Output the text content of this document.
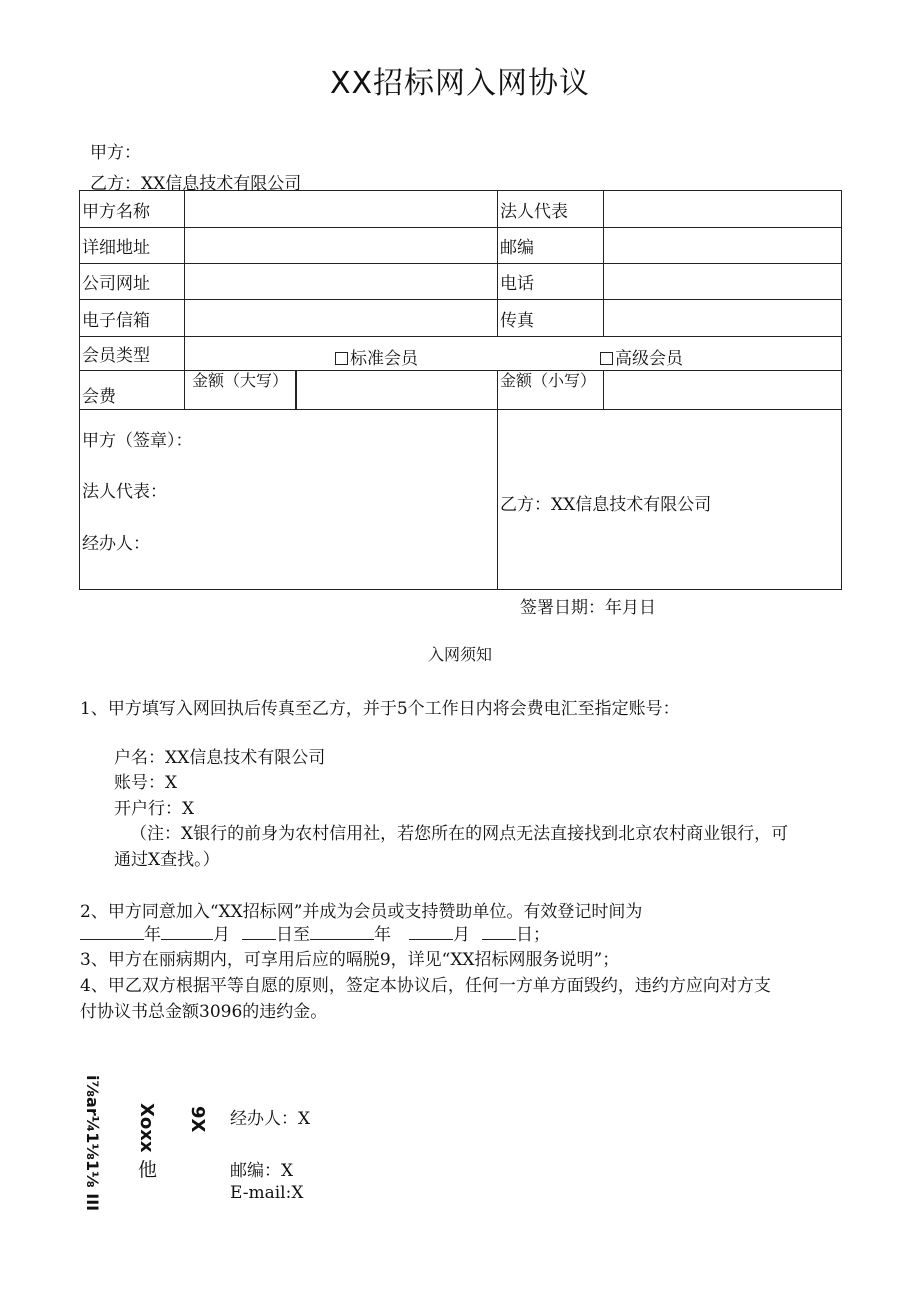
XX招标网入网协议
甲方：
乙方：XX信息技术有限公司
甲方名称			法人代表	
详细地址			邮编	
公司网址			电话	
电子信箱			传真	
会员类型	标准会员 高级会员			

会费	金额（大写）		金额（小写）	

甲方（签章）：
法人代表：
经办人：			乙方：XX信息技术有限公司	
签署日期：年月日
入网须知
1、甲方填写入网回执后传真至乙方，并于5个工作日内将会费电汇至指定账号：
户名：XX信息技术有限公司
账号：X
开户行：X
（注：X银行的前身为农村信用社，若您所在的网点无法直接找到北京农村商业银行，可
通过X查找。）
2、甲方同意加入“XX招标网”并成为会员或支持赞助单位。有效登记时间为
年	月	日至	年	月	日；
3、甲方在丽病期内，可享用后应的嗝脱9，详见“XX招标网服务说明”；
4、甲乙双方根据平等自愿的原则，签定本协议后，任何一方单方面毁约，违约方应向对方支
付协议书总金额3096的违约金。
i⅞ar¼1⅛1⅛ III Xoxx
他
9X 经办人：X
邮编：X
E-mail:X
